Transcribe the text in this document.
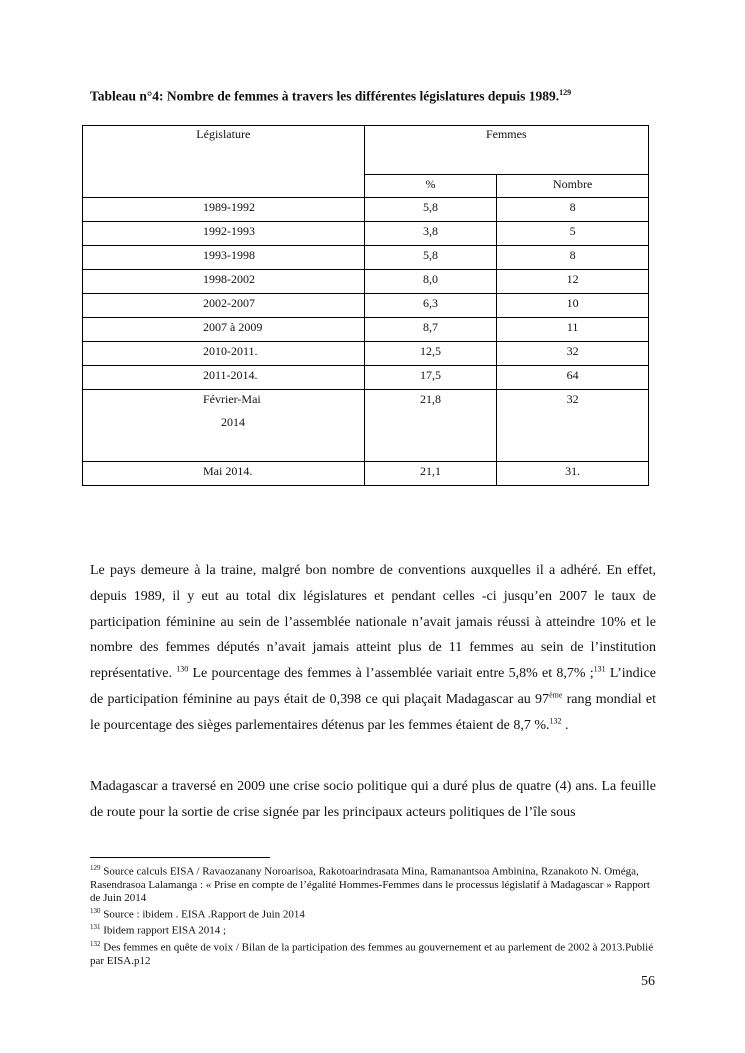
Tableau n°4: Nombre de femmes à travers les différentes législatures depuis 1989.$^{129}$
Législature	Femmes	
	%	Nombre
1989-1992	5,8	8
1992-1993	3,8	5
1993-1998	5,8	8
1998-2002	8,0	12
2002-2007	6,3	10
2007 à 2009	8,7	11
2010-2011.	12,5	32
2011-2014.	17,5	64

Février-Mai
2014	21,8	32
Mai 2014.	21,1	31.
Le pays demeure à la traine, malgré bon nombre de conventions auxquelles il a adhéré. En effet, depuis 1989, il y eut au total dix législatures et pendant celles -ci jusqu’en 2007 le taux de participation féminine au sein de l’assemblée nationale n’avait jamais réussi à atteindre 10% et le nombre des femmes députés n’avait jamais atteint plus de 11 femmes au sein de l’institution représentative. $^{130}$ Le pourcentage des femmes à l’assemblée variait entre 5,8% et 8,7% ;$^{131}$ L’indice de participation féminine au pays était de 0,398 ce qui plaçait Madagascar au 97ème rang mondial et le pourcentage des sièges parlementaires détenus par les femmes étaient de 8,7 %.$^{132}$ .
Madagascar a traversé en 2009 une crise socio politique qui a duré plus de quatre (4) ans. La feuille de route pour la sortie de crise signée par les principaux acteurs politiques de l’île sous

$^{129}$ Source calculs EISA / Ravaozanany Noroarisoa, Rakotoarindrasata Mina, Ramanantsoa Ambinina, Rzanakoto N. Oméga, Rasendrasoa Lalamanga : « Prise en compte de l’égalité Hommes-Femmes dans le processus législatif à Madagascar » Rapport de Juin 2014

$^{130}$ Source : ibidem . EISA .Rapport de Juin 2014

$^{131}$ Ibidem rapport EISA 2014 ;

$^{132}$ Des femmes en quête de voix / Bilan de la participation des femmes au gouvernement et au parlement de 2002 à 2013.Publié par EISA.p12

56
